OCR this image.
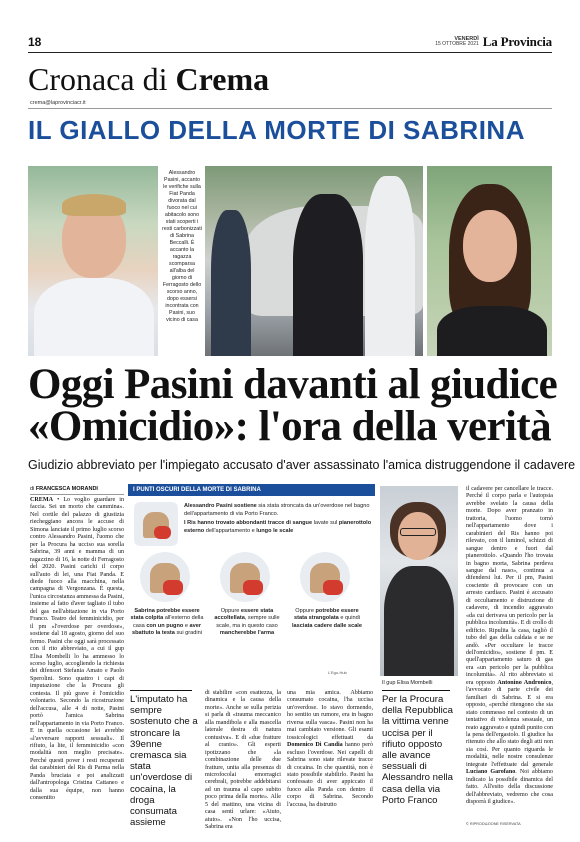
18	VENERDÌ
15 OTTOBRE 2021 La Provincia
Cronaca di Crema
crema@laprovinciacr.it
IL GIALLO DELLA MORTE DI SABRINA
Alessandro Pasini, accanto le verifiche sulla Fiat Panda divorata dal fuoco nel cui abitacolo sono stati scoperti i resti carbonizzati di Sabrina Beccalli. È accanto la ragazza scomparsa all'alba del giorno di Ferragosto dello scorso anno, dopo essersi incontrata con Pasini, suo vicino di casa
Oggi Pasini davanti al giudice
«Omicidio»: l'ora della verità
Giudizio abbreviato per l'impiegato accusato d'aver assassinato l'amica distruggendone il cadavere
di FRANCESCA MORANDI
CREMA • Lo voglio guardare in faccia. Sei un morto che cammina». Nel cortile del palazzo di giustizia riecheggiano ancora le accuse di Simona lanciate il primo luglio scorso contro Alessandro Pasini, l'uomo che per la Procura ha ucciso sua sorella Sabrina, 39 anni e mamma di un ragazzino di 16, la notte di Ferragosto del 2020. Pasini carichi il corpo sull'auto di lei, una Fiat Panda. E diede fuoco alla macchina, nella campagna di Vergonzana. È questa, l'unica circostanza ammessa da Pasini, insieme al fatto d'aver tagliato il tubo del gas nell'abitazione in via Porto Franco. Teatro del femminicidio, per il pm «l'overdose per overdose», sostiene dal 18 agosto, giorno del suo fermo. Pasini che oggi sarà processato con il rito abbreviato, a cui il gup Elisa Mombelli lo ha ammesso lo scorso luglio, accogliendo la richiesta dei difensori Stefania Amato e Paolo Sperolini. Sono quattro i capi di imputazione che la Procura gli contesta. Il più grave è l'omicidio volontario. Secondo la ricostruzione dell'accusa, alle 4 di notte, Pasini portò l'amica Sabrina nell'appartamento in via Porto Franco. E in quella occasione lei avrebbe «l'avversare rapporti sessuali». Il rifiuto, la lite, il femminicidio «con modalità non meglio precisate». Perché questi pover i resti recuperati dai carabinieri del Ris di Parma nella Panda bruciata e poi analizzati dall'antropologa Cristina Cattaneo e dalla sua équipe, non hanno consentito
I PUNTI OSCURI DELLA MORTE DI SABRINA
Alessandro Pasini sostiene sia stata stroncata da un'overdose nel bagno dell'appartamento di via Porto Franco.
I Ris hanno trovato abbondanti tracce di sangue lavate sul pianerottolo esterno dell'appartamento e lungo le scale
Sabrina potrebbe essere stata colpita all'esterno della casa con un pugno e aver sbattuto la testa sui gradini
Oppure essere stata accoltellata, sempre sulle scale, ma in questo caso mancherebbe l'arma
Oppure potrebbe essere stata strangolata e quindi lasciata cadere dalle scale
L'Ego-Hub
L'imputato ha sempre sostenuto che a stroncare la 39enne cremasca sia stata un'overdose di cocaina, la droga consumata assieme
di stabilire «con esattezza, la dinamica e la causa della morte». Anche se sulla perizia si parla di «trauma meccanico alla mandibola e alla mascella laterale destra di natura contusiva». E di «due fratture al cranio». Gli esperti ipotizzano che «la combinazione delle due fratture, unita alla presenza di microfocolai emorragici cerebrali, potrebbe addebitarsi ad un trauma al capo subito poco prima della morte». Alle 5 del mattino, una vicina di casa sentì urlare: «Aiuto, aiuto». «Non l'ho uccisa, Sabrina era
una mia amica. Abbiamo consumato cocaina, l'ha uccisa un'overdose. Io stavo dormendo, ho sentito un rumore, era in bagno riversa sulla vasca». Pasini non ha mai cambiato versione. Gli esami tossicologici effettuati da Domenico Di Candia hanno però escluso l'overdose. Nei capelli di Sabrina sono state rilevate tracce di cocaina. In che quantità, non è stato possibile stabilirlo. Pasini ha confessato di aver appiccato il fuoco alla Panda con dentro il corpo di Sabrina. Secondo l'accusa, ha distrutto
Il gup Elisa Mombelli
Per la Procura della Repubblica la vittima venne uccisa per il rifiuto opposto alle avance sessuali di Alessandro nella casa della via Porto Franco
il cadavere per cancellare le tracce. Perché il corpo parla e l'autopsia avrebbe svelato la causa della morte. Dopo aver pranzato in trattoria, l'uomo tornò nell'appartamento dove i carabinieri del Ris hanno poi rilevato, con il luminol, schizzi di sangue dentro e fuori dal pianerottolo. «Quando l'ho trovata in bagno morta, Sabrina perdeva sangue dal naso», continua a difendersi lui. Per il pm, Pasini cosciente di provocare con un arresto cardiaco. Pasini è accusato di occultamento e distruzione di cadavere, di incendio aggravato «da cui derivava un pericolo per la pubblica incolumità». E di crollo di edificio. Ripulita la casa, tagliò il tubo del gas della caldaia e se ne andò. «Per occultare le tracce dell'omicidio», sostiene il pm. E quell'appartamento saturo di gas era «un pericolo per la pubblica incolumità». Al rito abbreviato si era opposto Antonino Andronico, l'avvocato di parte civile dei familiari di Sabrina. E si era opposto, «perché ritengono che sia stato commesso nel contesto di un tentativo di violenza sessuale, un reato aggravato e quindi punito con la pena dell'ergastolo. Il giudice ha ritenuto che allo stato degli atti non sia così. Per quanto riguarda le modalità, nelle nostre consulenze integrate l'effettuate dal generale Luciano Garofano. Noi abbiamo indicato la possibile dinamica del fatto. All'esito della discussione dell'abbreviato, vedremo che cosa disporrà il giudice».
© RIPRODUZIONE RISERVATA
